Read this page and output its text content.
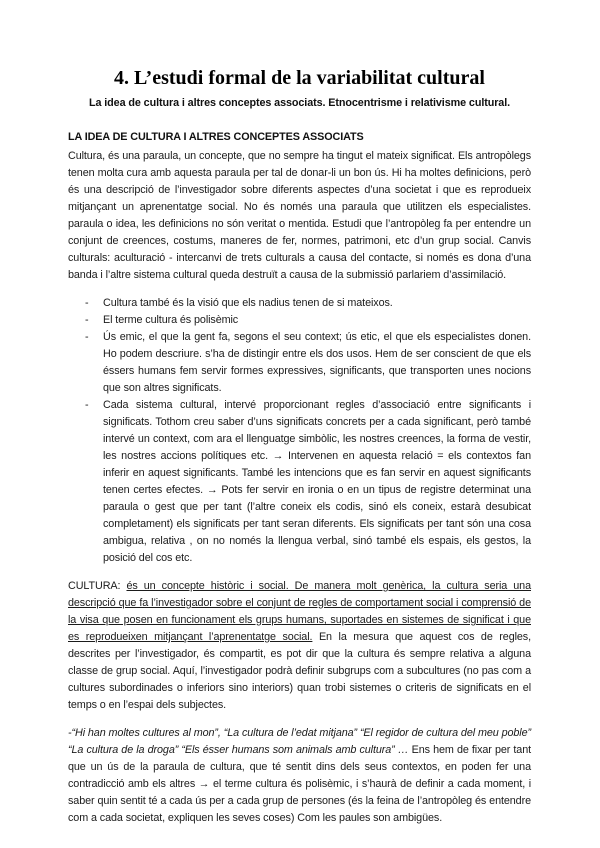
4. L’estudi formal de la variabilitat cultural
La idea de cultura i altres conceptes associats. Etnocentrisme i relativisme cultural.
LA IDEA DE CULTURA I ALTRES CONCEPTES ASSOCIATS

Cultura, és una paraula, un concepte, que no sempre ha tingut el mateix significat. Els antropòlegs tenen molta cura amb aquesta paraula per tal de donar-li un bon ús. Hi ha moltes definicions, però és una descripció de l’investigador sobre diferents aspectes d’una societat i que es reprodueix mitjançant un aprenentatge social. No és només una paraula que utilitzen els especialistes. paraula o idea, les definicions no són veritat o mentida. Estudi que l’antropòleg fa per entendre un conjunt de creences, costums, maneres de fer, normes, patrimoni, etc d’un grup social. Canvis culturals: aculturació - intercanvi de trets culturals a causa del contacte, si només es dona d’una banda i l’altre sistema cultural queda destruït a causa de la submissió parlariem d’assimilació.

-	Cultura també és la visió que els nadius tenen de si mateixos.
-	El terme cultura és polisèmic
-	Ús emic, el que la gent fa, segons el seu context; ús etic, el que els especialistes donen. Ho podem descriure. s’ha de distingir entre els dos usos. Hem de ser conscient de que els éssers humans fem servir formes expressives, significants, que transporten unes nocions que son altres significats.
-	Cada sistema cultural, intervé proporcionant regles d’associació entre significants i significats. Tothom creu saber d’uns significats concrets per a cada significant, però també intervé un context, com ara el llenguatge simbòlic, les nostres creences, la forma de vestir, les nostres accions polítiques etc. → Intervenen en aquesta relació = els contextos fan inferir en aquest significants. També les intencions que es fan servir en aquest significants tenen certes efectes. → Pots fer servir en ironia o en un tipus de registre determinat una paraula o gest que per tant (l’altre coneix els codis, sinó els coneix, estarà desubicat completament) els significats per tant seran diferents. Els significats per tant són una cosa ambigua, relativa , on no només la llengua verbal, sinó també els espais, els gestos, la posició del cos etc.

CULTURA: és un concepte històric i social. De manera molt genèrica, la cultura seria una descripció que fa l’investigador sobre el conjunt de regles de comportament social i comprensió de la visa que posen en funcionament els grups humans, suportades en sistemes de significat i que es reprodueixen mitjançant l’aprenentatge social. En la mesura que aquest cos de regles, descrites per l’investigador, és compartit, es pot dir que la cultura és sempre relativa a alguna classe de grup social. Aquí, l’investigador podrà definir subgrups com a subcultures (no pas com a cultures subordinades o inferiors sino interiors) quan trobi sistemes o criteris de significats en el temps o en l’espai dels subjectes.

-“Hi han moltes cultures al mon”, “La cultura de l’edat mitjana” “El regidor de cultura del meu poble” “La cultura de la droga” “Els ésser humans som animals amb cultura” … Ens hem de fixar per tant que un ús de la paraula de cultura, que té sentit dins dels seus contextos, en poden fer una contradicció amb els altres → el terme cultura és polisèmic, i s’haurà de definir a cada moment, i saber quin sentit té a cada ús per a cada grup de persones (és la feina de l’antropòleg és entendre com a cada societat, expliquen les seves coses) Com les paules son ambigües.
